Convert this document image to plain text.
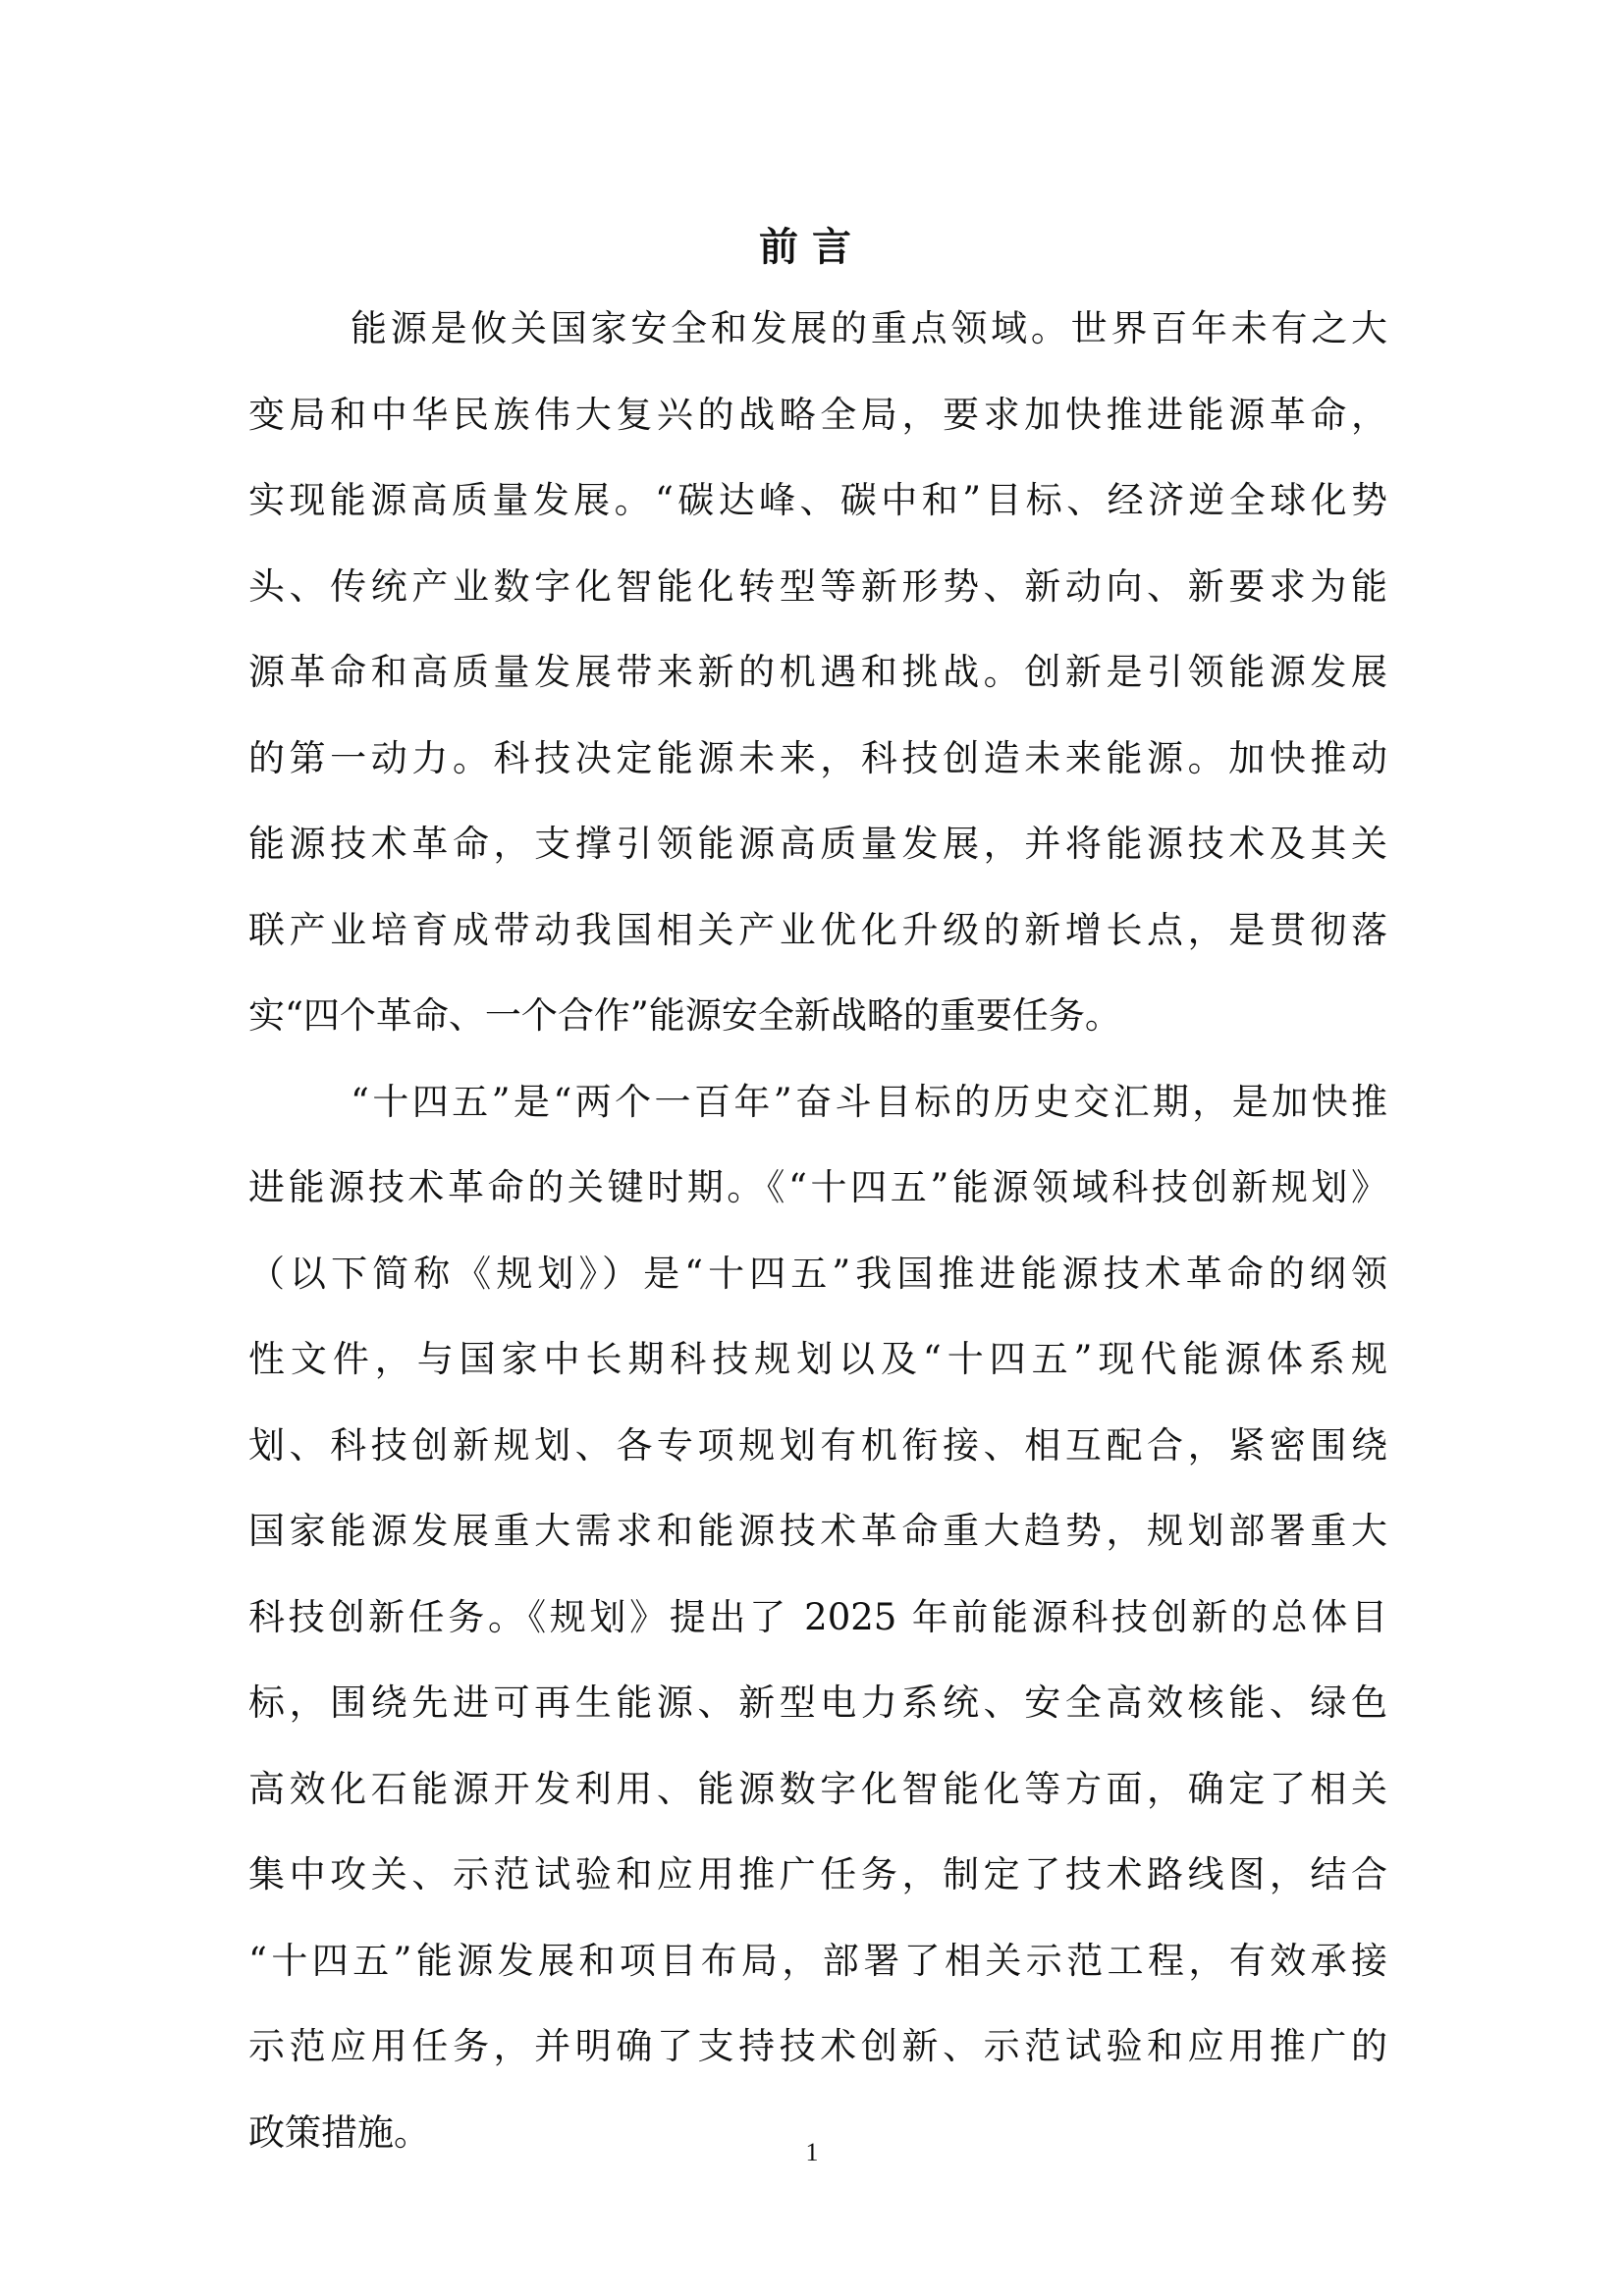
前言
能源是攸关国家安全和发展的重点领域。世界百年未有之大
变局和中华民族伟大复兴的战略全局，要求加快推进能源革命，
实现能源高质量发展。“碳达峰、碳中和”目标、经济逆全球化势
头、传统产业数字化智能化转型等新形势、新动向、新要求为能
源革命和高质量发展带来新的机遇和挑战。创新是引领能源发展
的第一动力。科技决定能源未来，科技创造未来能源。加快推动
能源技术革命，支撑引领能源高质量发展，并将能源技术及其关
联产业培育成带动我国相关产业优化升级的新增长点，是贯彻落
实“四个革命、一个合作”能源安全新战略的重要任务。
“十四五”是“两个一百年”奋斗目标的历史交汇期，是加快推
进能源技术革命的关键时期。《“十四五”能源领域科技创新规划》
（以下简称《规划》）是“十四五”我国推进能源技术革命的纲领
性文件，与国家中长期科技规划以及“十四五”现代能源体系规
划、科技创新规划、各专项规划有机衔接、相互配合，紧密围绕
国家能源发展重大需求和能源技术革命重大趋势，规划部署重大
科技创新任务。《规划》提出了 2025 年前能源科技创新的总体目
标，围绕先进可再生能源、新型电力系统、安全高效核能、绿色
高效化石能源开发利用、能源数字化智能化等方面，确定了相关
集中攻关、示范试验和应用推广任务，制定了技术路线图，结合
“十四五”能源发展和项目布局，部署了相关示范工程，有效承接
示范应用任务，并明确了支持技术创新、示范试验和应用推广的
政策措施。	1
